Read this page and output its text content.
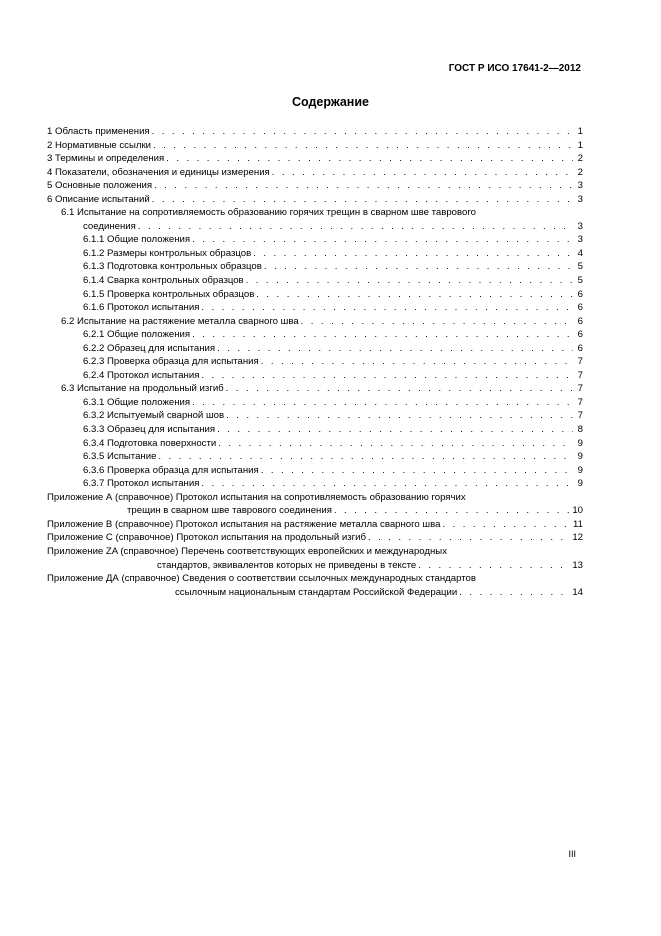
ГОСТ Р ИСО 17641-2—2012
Содержание
1 Область применения . . .	1
2 Нормативные ссылки . . .	1
3 Термины и определения . . .	2
4 Показатели, обозначения и единицы измерения . . .	2
5 Основные положения . . .	3
6 Описание испытаний . . .	3
6.1 Испытание на сопротивляемость образованию горячих трещин в сварном шве таврового
соединения . . .	3
6.1.1 Общие положения . . .	3
6.1.2 Размеры контрольных образцов . . .	4
6.1.3 Подготовка контрольных образцов . . .	5
6.1.4 Сварка контрольных образцов . . .	5
6.1.5 Проверка контрольных образцов . . .	6
6.1.6 Протокол испытания . . .	6
6.2 Испытание на растяжение металла сварного шва . . .	6
6.2.1 Общие положения . . .	6
6.2.2 Образец для испытания . . .	6
6.2.3 Проверка образца для испытания . . .	7
6.2.4 Протокол испытания . . .	7
6.3 Испытание на продольный изгиб . . .	7
6.3.1 Общие положения . . .	7
6.3.2 Испытуемый сварной шов . . .	7
6.3.3 Образец для испытания . . .	8
6.3.4 Подготовка поверхности . . .	9
6.3.5 Испытание . . .	9
6.3.6 Проверка образца для испытания . . .	9
6.3.7 Протокол испытания . . .	9
Приложение А (справочное) Протокол испытания на сопротивляемость образованию горячих
трещин в сварном шве таврового соединения . . .	10
Приложение В (справочное) Протокол испытания на растяжение металла сварного шва . . .	11
Приложение С (справочное) Протокол испытания на продольный изгиб . . .	12
Приложение ZA (справочное) Перечень соответствующих европейских и международных
стандартов, эквивалентов которых не приведены в тексте . . .	13
Приложение ДА (справочное) Сведения о соответствии ссылочных международных стандартов
ссылочным национальным стандартам Российской Федерации . . .	14
III
